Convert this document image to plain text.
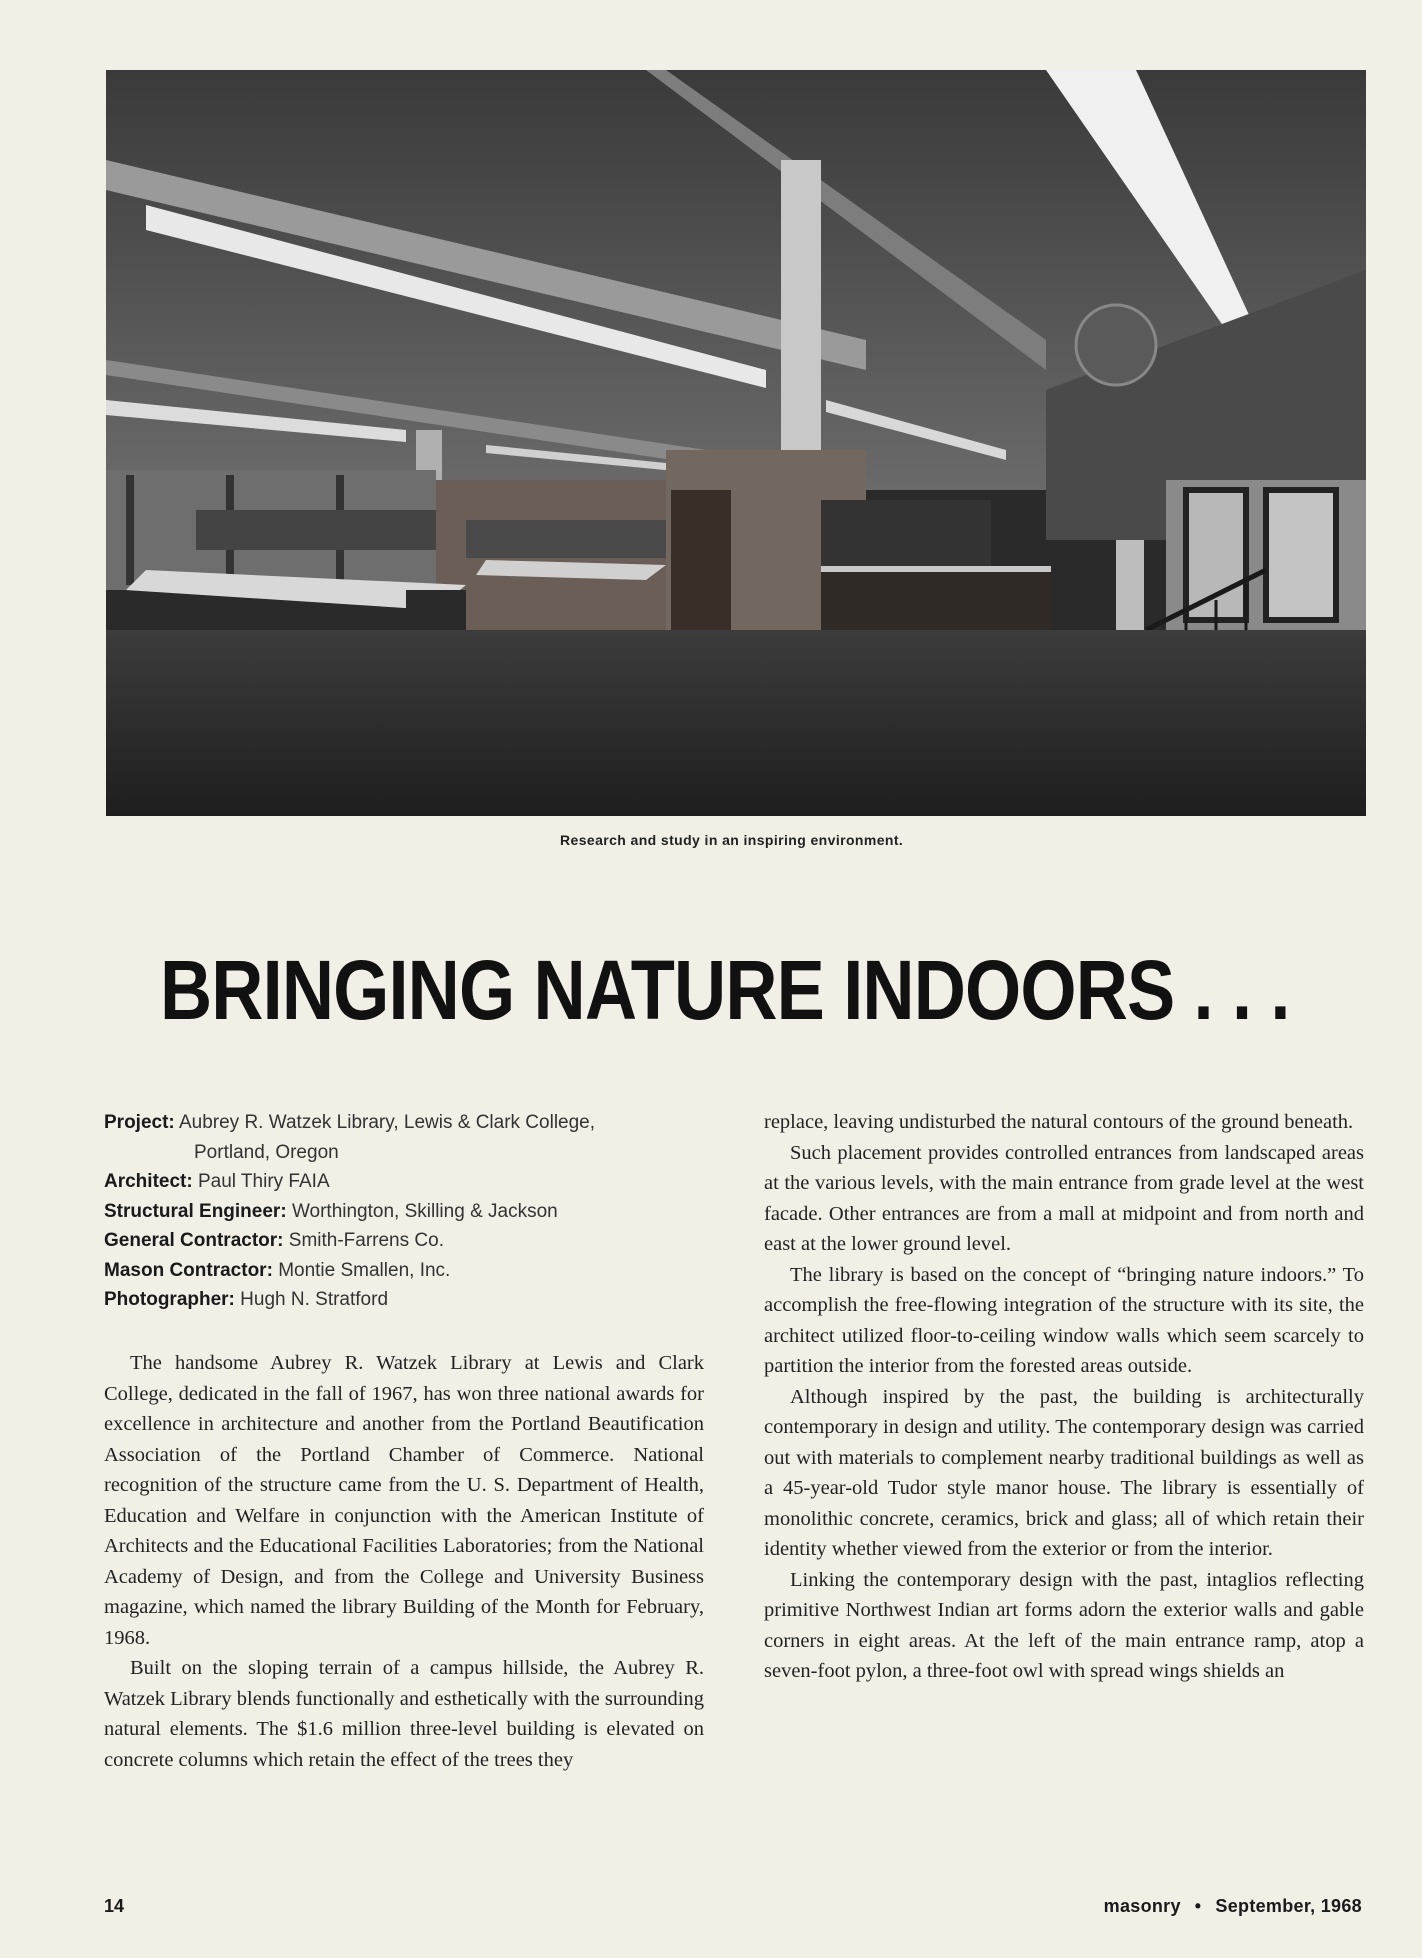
Research and study in an inspiring environment.
BRINGING NATURE INDOORS . . .
Project: Aubrey R. Watzek Library, Lewis & Clark College,
Portland, Oregon
Architect: Paul Thiry FAIA
Structural Engineer: Worthington, Skilling & Jackson
General Contractor: Smith-Farrens Co.
Mason Contractor: Montie Smallen, Inc.
Photographer: Hugh N. Stratford

The handsome Aubrey R. Watzek Library at Lewis and Clark College, dedicated in the fall of 1967, has won three national awards for excellence in architecture and another from the Portland Beautification Association of the Portland Chamber of Commerce. National recognition of the structure came from the U. S. Department of Health, Education and Welfare in conjunction with the American Institute of Architects and the Educational Facilities Laboratories; from the National Academy of Design, and from the College and University Business magazine, which named the library Building of the Month for February, 1968.

Built on the sloping terrain of a campus hillside, the Aubrey R. Watzek Library blends functionally and esthetically with the surrounding natural elements. The $1.6 million three-level building is elevated on concrete columns which retain the effect of the trees they

replace, leaving undisturbed the natural contours of the ground beneath.

Such placement provides controlled entrances from landscaped areas at the various levels, with the main entrance from grade level at the west facade. Other entrances are from a mall at midpoint and from north and east at the lower ground level.

The library is based on the concept of “bringing nature indoors.” To accomplish the free-flowing integration of the structure with its site, the architect utilized floor-to-ceiling window walls which seem scarcely to partition the interior from the forested areas outside.

Although inspired by the past, the building is architecturally contemporary in design and utility. The contemporary design was carried out with materials to complement nearby traditional buildings as well as a 45-year-old Tudor style manor house. The library is essentially of monolithic concrete, ceramics, brick and glass; all of which retain their identity whether viewed from the exterior or from the interior.

Linking the contemporary design with the past, intaglios reflecting primitive Northwest Indian art forms adorn the exterior walls and gable corners in eight areas. At the left of the main entrance ramp, atop a seven-foot pylon, a three-foot owl with spread wings shields an

14	masonry • September, 1968
